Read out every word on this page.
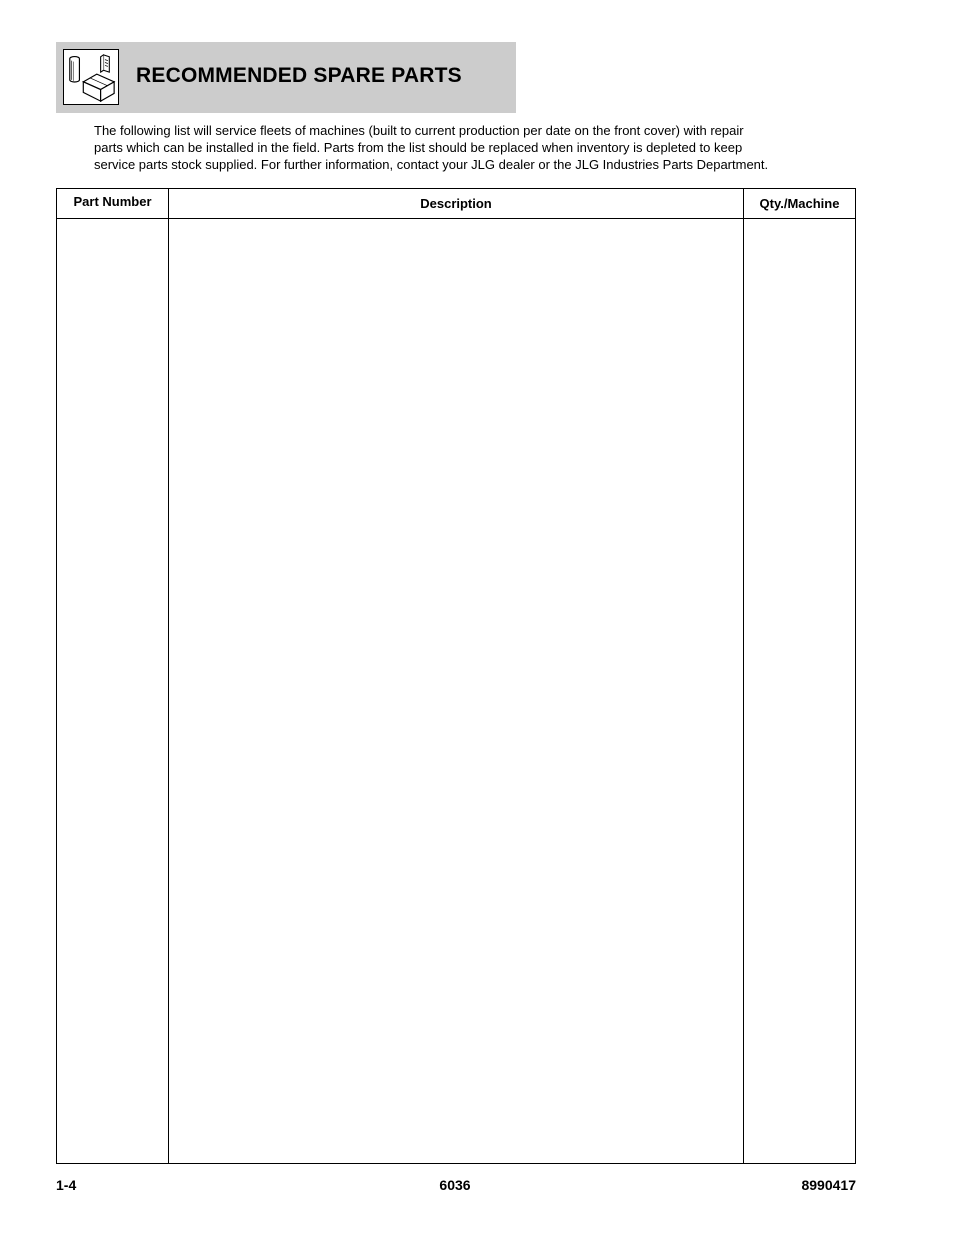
RECOMMENDED SPARE PARTS

The following list will service fleets of machines (built to current production per date on the front cover) with repair

parts which can be installed in the field. Parts from the list should be replaced when inventory is depleted to keep

service parts stock supplied. For further information, contact your JLG dealer or the JLG Industries Parts Department.

Part Number	Description	Qty./Machine
1-4	6036	8990417
